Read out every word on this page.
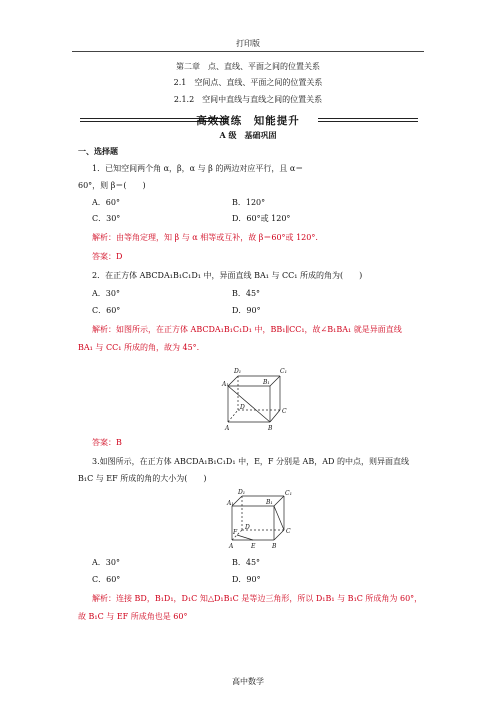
打印版
第二章　点、直线、平面之间的位置关系
2.1　空间点、直线、平面之间的位置关系
2.1.2　空间中直线与直线之间的位置关系
高效演练　知能提升
A 级　基础巩固
一、选择题
1．已知空间两个角 α，β，α 与 β 的两边对应平行，且 α＝
60°，则 β＝(　　)
A．60°	B．120°
C．30°	D．60°或 120°
解析：由等角定理，知 β 与 α 相等或互补，故 β＝60°或 120°.
答案：D
2．在正方体 ABCDA₁B₁C₁D₁ 中，异面直线 BA₁ 与 CC₁ 所成的角为(　　)
A．30°	B．45°
C．60°	D．90°
解析：如图所示，在正方体 ABCDA₁B₁C₁D₁ 中，BB₁∥CC₁，故∠B₁BA₁ 就是异面直线
BA₁ 与 CC₁ 所成的角，故为 45°.
D₁	C₁
A₁	B₁
D
C
A	B
答案：B
3.如图所示，在正方体 ABCDA₁B₁C₁D₁ 中，E，F 分别是 AB，AD 的中点，则异面直线
B₁C 与 EF 所成的角的大小为(　　)
D₁	C₁
A₁	B₁
D
C
A	B
E
F
A．30°	B．45°
C．60°	D．90°
解析：连接 BD，B₁D₁，D₁C 知△D₁B₁C 是等边三角形，所以 D₁B₁ 与 B₁C 所成角为 60°，
故 B₁C 与 EF 所成角也是 60°
高中数学
